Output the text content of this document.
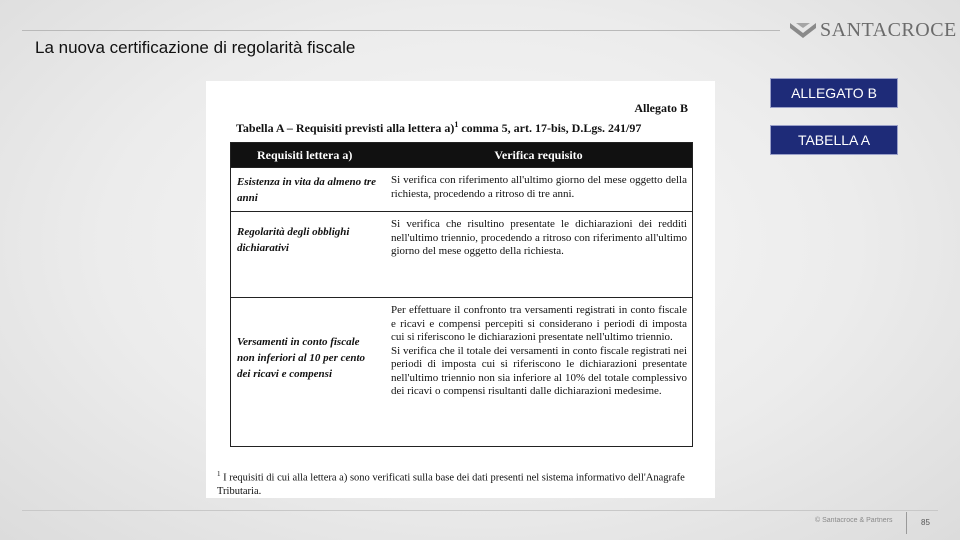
La nuova certificazione di regolarità fiscale
SANTACROCE
Allegato B
Tabella A – Requisiti previsti alla lettera a)$^1$ comma 5, art. 17-bis, D.Lgs. 241/97
Requisiti lettera a)	Verifica requisito
Esistenza in vita da almeno tre anni
Si verifica con riferimento all'ultimo giorno del mese oggetto della richiesta, procedendo a ritroso di tre anni.
Regolarità degli obblighi dichiarativi
Si verifica che risultino presentate le dichiarazioni dei redditi nell'ultimo triennio, procedendo a ritroso con riferimento all'ultimo giorno del mese oggetto della richiesta.
Versamenti in conto fiscale non inferiori al 10 per cento dei ricavi e compensi
Per effettuare il confronto tra versamenti registrati in conto fiscale e ricavi e compensi percepiti si considerano i periodi di imposta cui si riferiscono le dichiarazioni presentate nell'ultimo triennio.
Si verifica che il totale dei versamenti in conto fiscale registrati nei periodi di imposta cui si riferiscono le dichiarazioni presentate nell'ultimo triennio non sia inferiore al 10% del totale complessivo dei ricavi o compensi risultanti dalle dichiarazioni medesime.
$^1$ I requisiti di cui alla lettera a) sono verificati sulla base dei dati presenti nel sistema informativo dell'Anagrafe Tributaria.
ALLEGATO B
TABELLA A
© Santacroce & Partners	85
